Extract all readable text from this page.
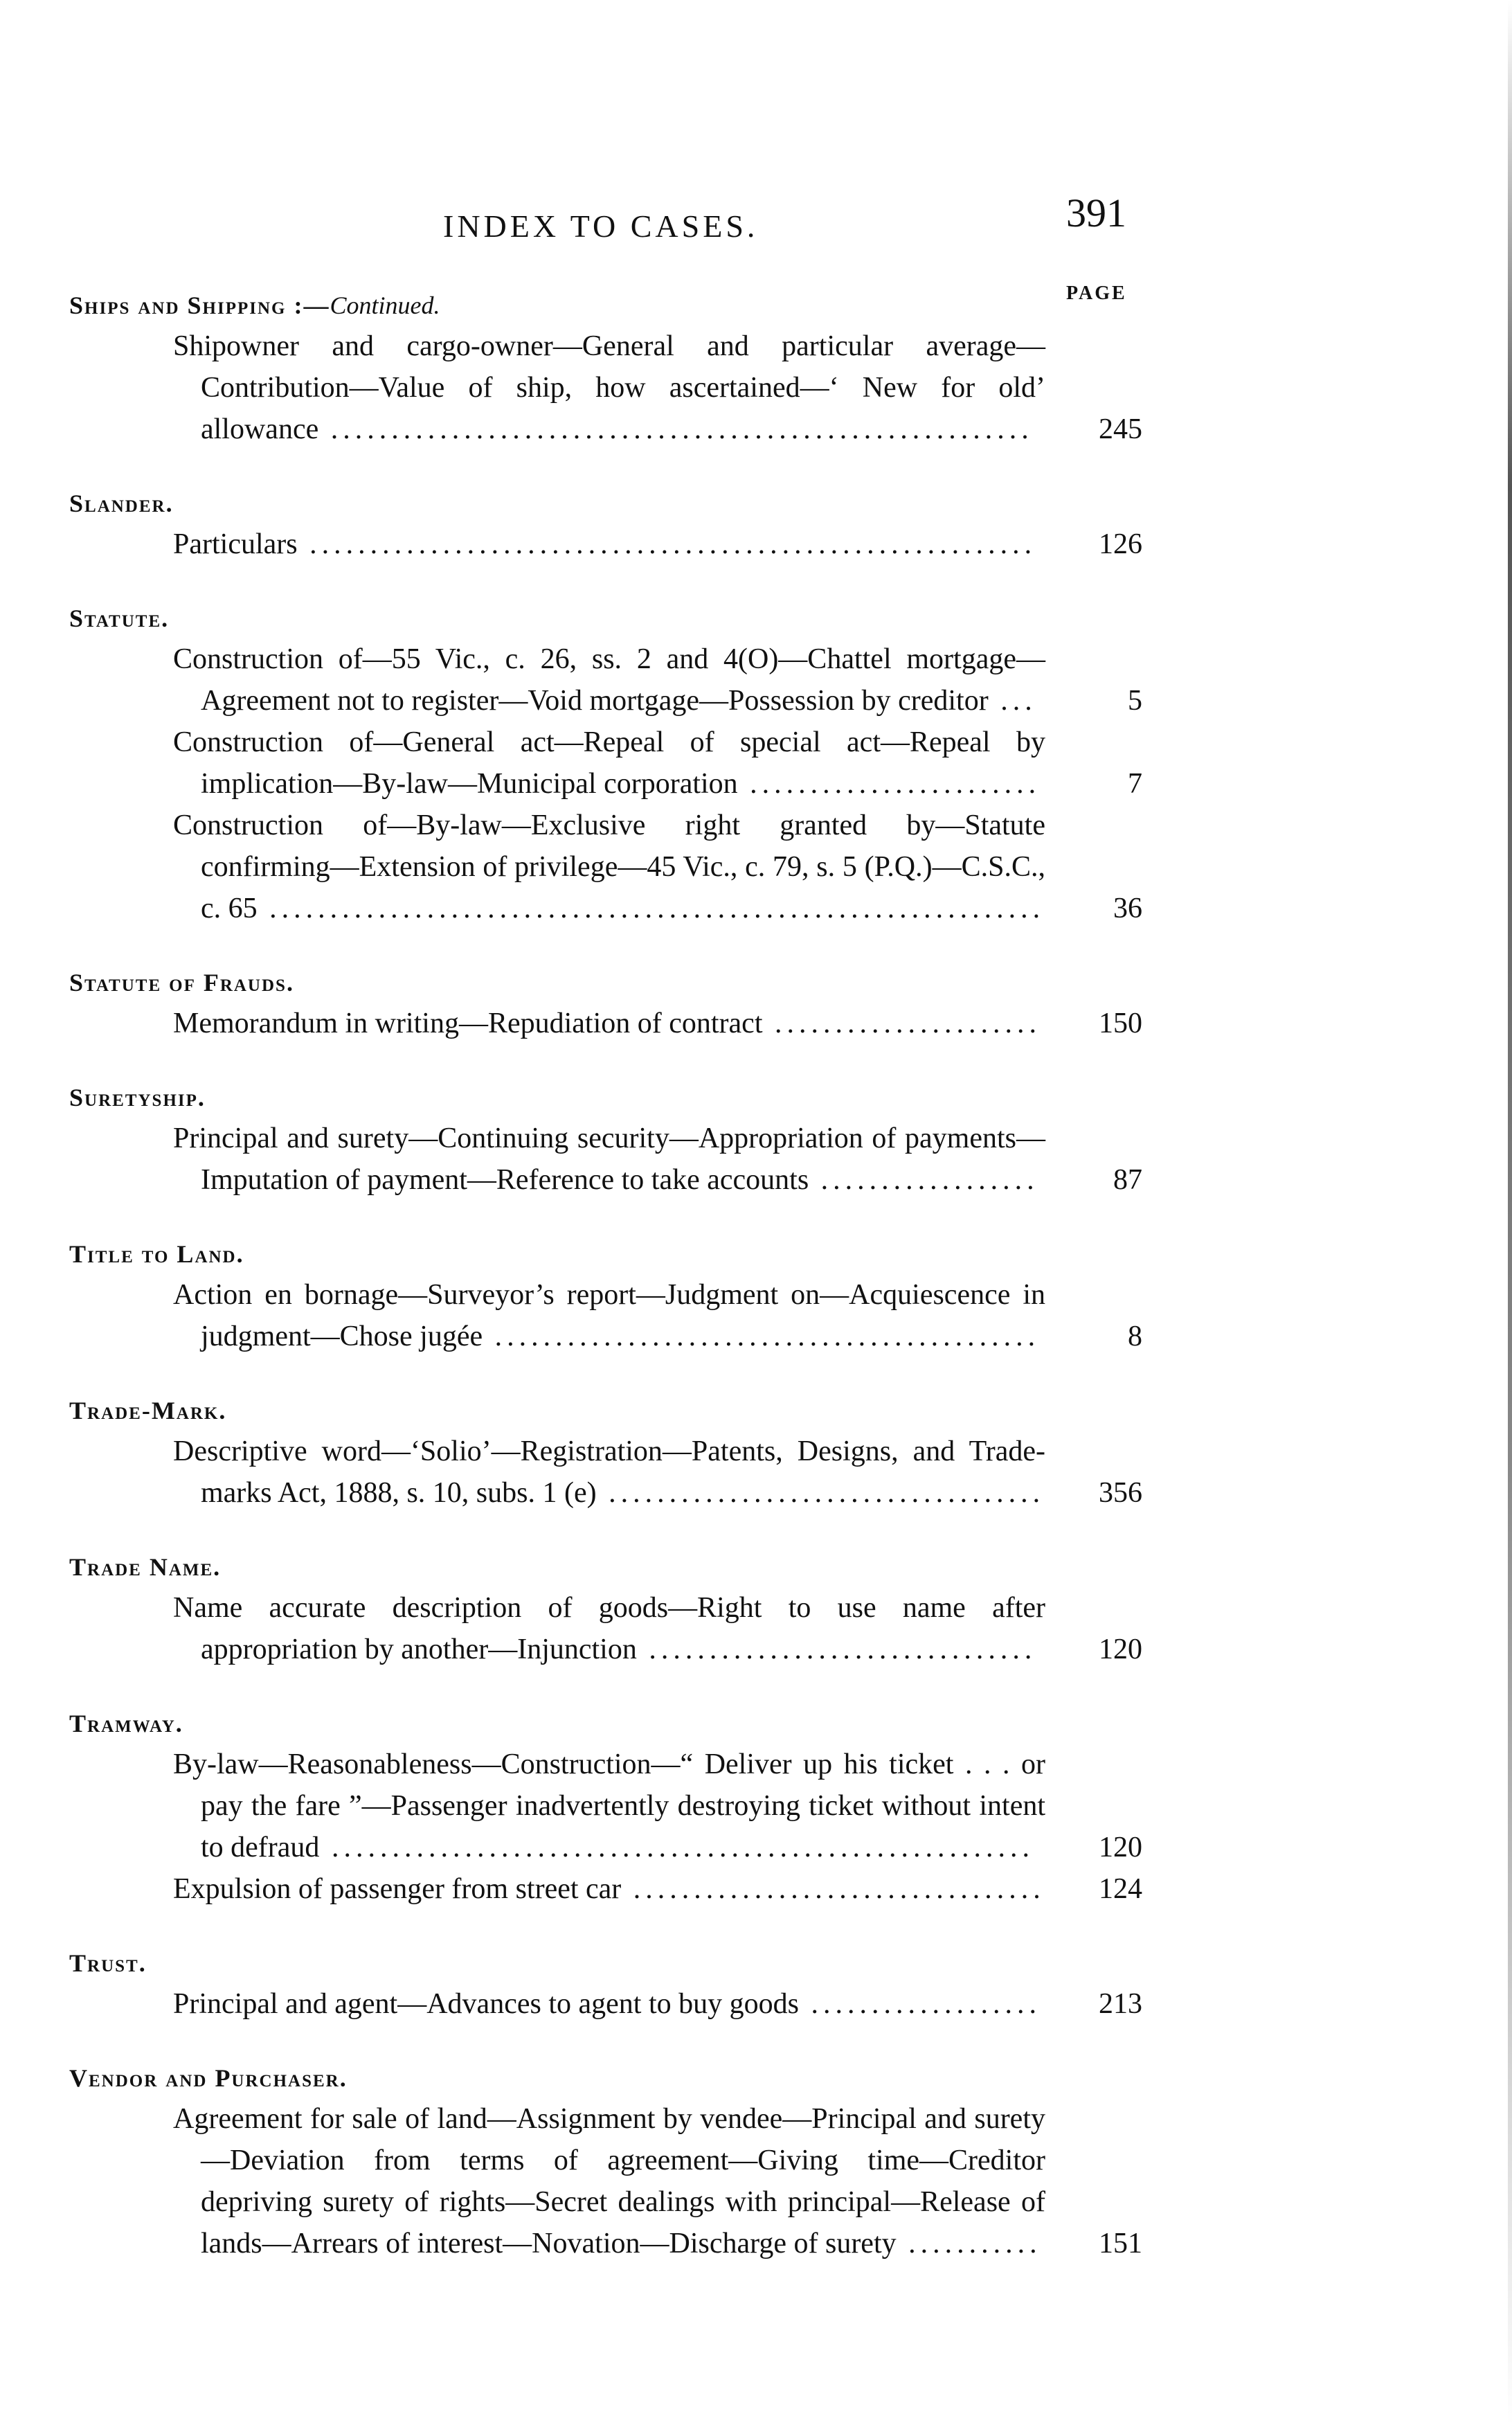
INDEX TO CASES.	391
PAGE
Ships and Shipping :—Continued.
Shipowner and cargo-owner—General and particular average—Contribution—Value of ship, how ascertained—‘ New for old’ allowance ..........................................................	245
Slander.
Particulars ............................................................	126
Statute.
Construction of—55 Vic., c. 26, ss. 2 and 4(O)—Chattel mortgage—Agreement not to register—Void mortgage—Possession by creditor ...	5
Construction of—General act—Repeal of special act—Repeal by implication—By-law—Municipal corporation ........................	7
Construction of—By-law—Exclusive right granted by—Statute confirming—Extension of privilege—45 Vic., c. 79, s. 5 (P.Q.)—C.S.C., c. 65 ................................................................	36
Statute of Frauds.
Memorandum in writing—Repudiation of contract ......................	150
Suretyship.
Principal and surety—Continuing security—Appropriation of payments—Imputation of payment—Reference to take accounts ..................	87
Title to Land.
Action en bornage—Surveyor’s report—Judgment on—Acquiescence in judgment—Chose jugée .............................................	8
Trade-Mark.
Descriptive word—‘Solio’—Registration—Patents, Designs, and Trade-marks Act, 1888, s. 10, subs. 1 (e) ....................................	356
Trade Name.
Name accurate description of goods—Right to use name after appropriation by another—Injunction ................................	120
Tramway.
By-law—Reasonableness—Construction—“ Deliver up his ticket . . . or pay the fare ”—Passenger inadvertently destroying ticket without intent to defraud ..........................................................	120
Expulsion of passenger from street car ..................................	124
Trust.
Principal and agent—Advances to agent to buy goods ...................	213
Vendor and Purchaser.
Agreement for sale of land—Assignment by vendee—Principal and surety—Deviation from terms of agreement—Giving time—Creditor depriving surety of rights—Secret dealings with principal—Release of lands—Arrears of interest—Novation—Discharge of surety ...........	151
